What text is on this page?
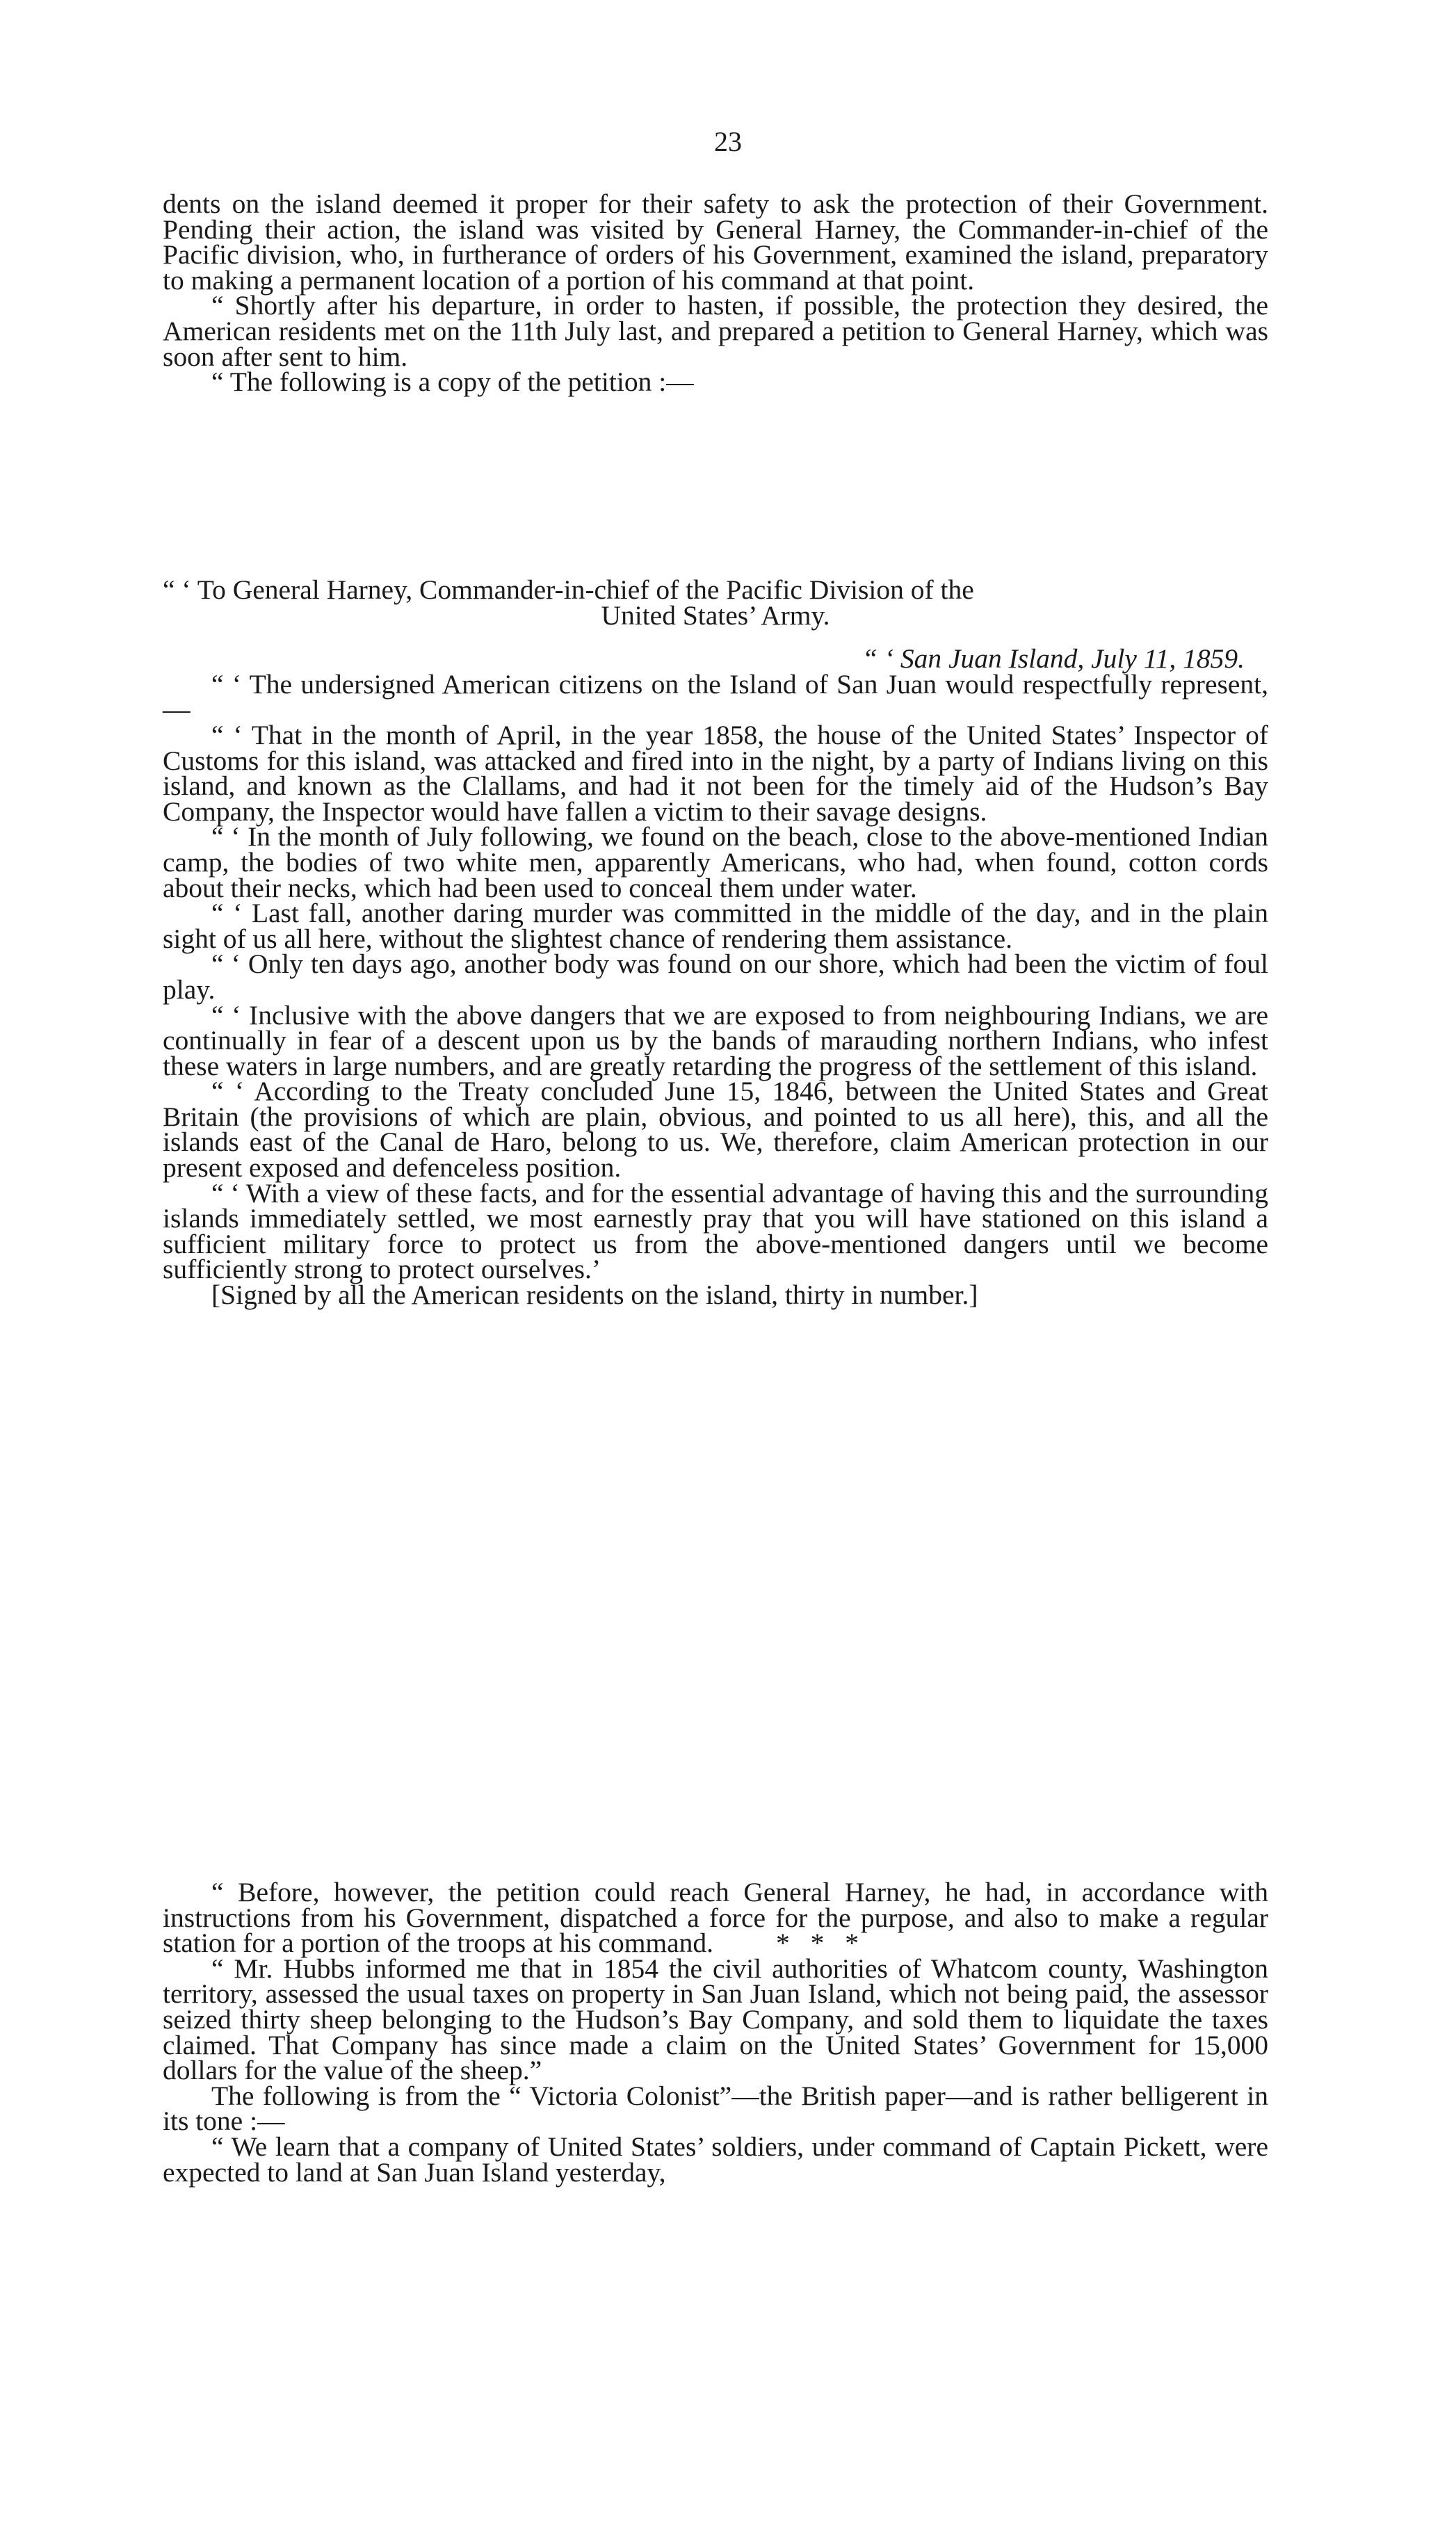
23

dents on the island deemed it proper for their safety to ask the protection of their Government. Pending their action, the island was visited by General Harney, the Commander-in-chief of the Pacific division, who, in furtherance of orders of his Government, examined the island, preparatory to making a permanent location of a portion of his command at that point.

“ Shortly after his departure, in order to hasten, if possible, the protection they desired, the American residents met on the 11th July last, and prepared a petition to General Harney, which was soon after sent to him.

“ The following is a copy of the petition :—

“ ‘ To General Harney, Commander-in-chief of the Pacific Division of the

United States’ Army.

“ ‘ San Juan Island, July 11, 1859.

“ ‘ The undersigned American citizens on the Island of San Juan would respectfully represent,—

“ ‘ That in the month of April, in the year 1858, the house of the United States’ Inspector of Customs for this island, was attacked and fired into in the night, by a party of Indians living on this island, and known as the Clallams, and had it not been for the timely aid of the Hudson’s Bay Company, the Inspector would have fallen a victim to their savage designs.

“ ‘ In the month of July following, we found on the beach, close to the above-mentioned Indian camp, the bodies of two white men, apparently Americans, who had, when found, cotton cords about their necks, which had been used to conceal them under water.

“ ‘ Last fall, another daring murder was committed in the middle of the day, and in the plain sight of us all here, without the slightest chance of rendering them assistance.

“ ‘ Only ten days ago, another body was found on our shore, which had been the victim of foul play.

“ ‘ Inclusive with the above dangers that we are exposed to from neighbouring Indians, we are continually in fear of a descent upon us by the bands of marauding northern Indians, who infest these waters in large numbers, and are greatly retarding the progress of the settlement of this island.

“ ‘ According to the Treaty concluded June 15, 1846, between the United States and Great Britain (the provisions of which are plain, obvious, and pointed to us all here), this, and all the islands east of the Canal de Haro, belong to us. We, therefore, claim American protection in our present exposed and defenceless position.

“ ‘ With a view of these facts, and for the essential advantage of having this and the surrounding islands immediately settled, we most earnestly pray that you will have stationed on this island a sufficient military force to protect us from the above-mentioned dangers until we become sufficiently strong to protect ourselves.’

[Signed by all the American residents on the island, thirty in number.]

“ Before, however, the petition could reach General Harney, he had, in accordance with instructions from his Government, dispatched a force for the purpose, and also to make a regular station for a portion of the troops at his command. * * *

“ Mr. Hubbs informed me that in 1854 the civil authorities of Whatcom county, Washington territory, assessed the usual taxes on property in San Juan Island, which not being paid, the assessor seized thirty sheep belonging to the Hudson’s Bay Company, and sold them to liquidate the taxes claimed. That Company has since made a claim on the United States’ Government for 15,000 dollars for the value of the sheep.”

The following is from the “ Victoria Colonist”—the British paper—and is rather belligerent in its tone :—

“ We learn that a company of United States’ soldiers, under command of Captain Pickett, were expected to land at San Juan Island yesterday,
